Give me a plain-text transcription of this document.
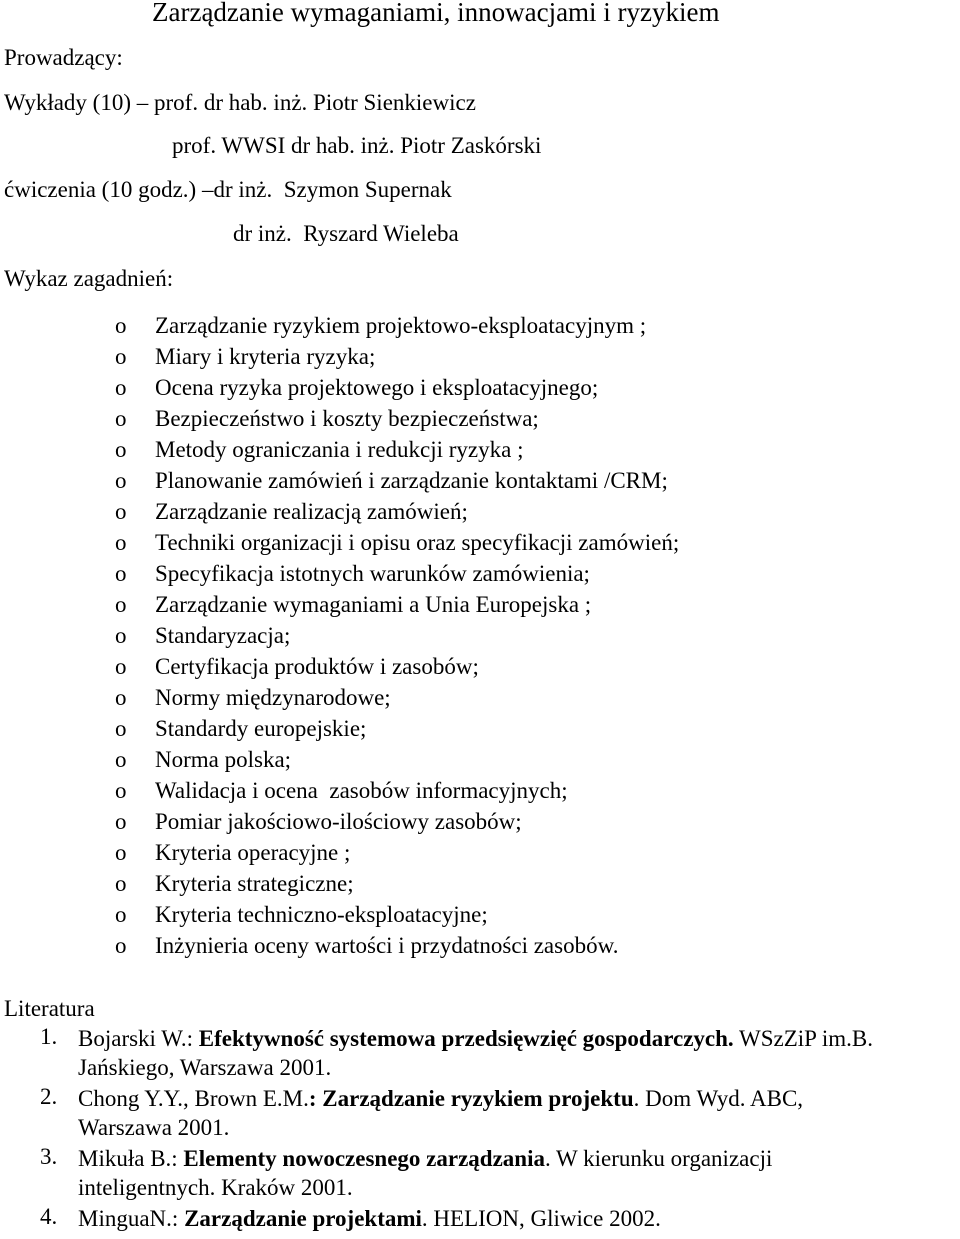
Zarządzanie wymaganiami, innowacjami i ryzykiem
Prowadzący:
Wykłady (10) – prof. dr hab. inż. Piotr Sienkiewicz
prof. WWSI dr hab. inż. Piotr Zaskórski
ćwiczenia (10 godz.) –dr inż.  Szymon Supernak
dr inż.  Ryszard Wieleba
Wykaz zagadnień:
o Zarządzanie ryzykiem projektowo-eksploatacyjnym ;
o Miary i kryteria ryzyka;
o Ocena ryzyka projektowego i eksploatacyjnego;
o Bezpieczeństwo i koszty bezpieczeństwa;
o Metody ograniczania i redukcji ryzyka ;
o Planowanie zamówień i zarządzanie kontaktami /CRM;
o Zarządzanie realizacją zamówień;
o Techniki organizacji i opisu oraz specyfikacji zamówień;
o Specyfikacja istotnych warunków zamówienia;
o Zarządzanie wymaganiami a Unia Europejska ;
o Standaryzacja;
o Certyfikacja produktów i zasobów;
o Normy międzynarodowe;
o Standardy europejskie;
o Norma polska;
o Walidacja i ocena  zasobów informacyjnych;
o Pomiar jakościowo-ilościowy zasobów;
o Kryteria operacyjne ;
o Kryteria strategiczne;
o Kryteria techniczno-eksploatacyjne;
o Inżynieria oceny wartości i przydatności zasobów.
Literatura
1. Bojarski W.: Efektywność systemowa przedsięwzięć gospodarczych. WSzZiP im.B.
Jańskiego, Warszawa 2001.
2. Chong Y.Y., Brown E.M.: Zarządzanie ryzykiem projektu. Dom Wyd. ABC,
Warszawa 2001.
3. Mikuła B.: Elementy nowoczesnego zarządzania. W kierunku organizacji
inteligentnych. Kraków 2001.
4. MinguaN.: Zarządzanie projektami. HELION, Gliwice 2002.
